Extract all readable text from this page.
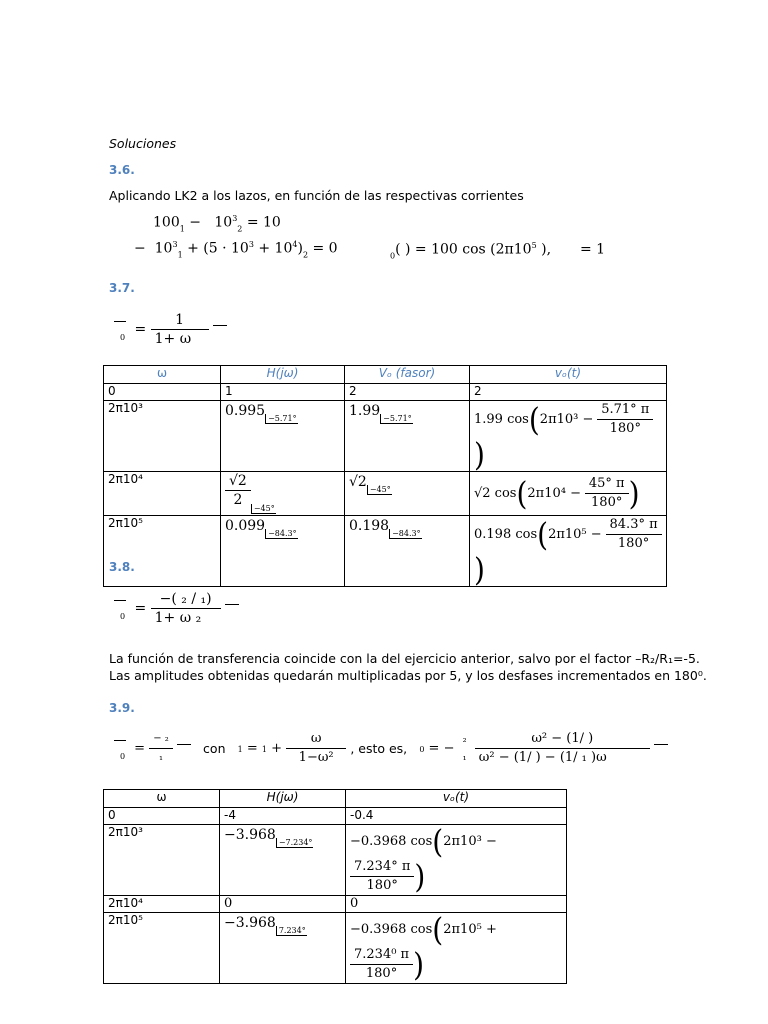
Soluciones
3.6.
Aplicando LK2 a los lazos, en función de las respectivas corrientes
$100_1 - 10^3_2 = 10$
−  $10^3_1 + (5 \cdot 10^3 + 10^4)_2 = 0$	$_0$( ) = 100 $\cos (2\pi 10^5$ ), = 1
3.7.
$0 = \frac{1}{1+ \omega}$

ω	H(jω)	Vₒ (fasor)	vₒ(t)
0	1	2	2
2π10³	0.995 −5.71°	1.99 −5.71°	1.99 $\cos(2\pi 10^3 - \frac{5.71^\circ \pi}{180^\circ}$
)
2π10⁴	$\frac{√2}{2} -45^\circ$	√2 −45°	√2 $\cos(2\pi 10^4 - \frac{45^\circ \pi}{180^\circ}$ )
2π10⁵	0.099 −84.3°	0.198 −84.3°	0.198 $\cos(2\pi 10^5 - \frac{84.3^\circ \pi}{180^\circ}$
)
3.8.
$0 = \frac{\text{−( ₂ / ₁)}}{\text{1+ ω ₂}}$

La función de transferencia coincide con la del ejercicio anterior, salvo por el factor –R₂/R₁=-5.
Las amplitudes obtenidas quedarán multiplicadas por 5, y los desfases incrementados en 180⁰.
3.9.
$0 = \frac{\text{− ₂}}{\text{₁}}$ con $1 = 1 + \frac{\omega}{\text{1−ω²}}$ , esto es, 0 = −
₂
₁
$\frac{\text{ω² − (1/ )}}{\text{ω² − (1/ ) − (1/ ₁ )ω}}$

ω	H(jω)	vₒ(t)
0	-4	-0.4
2π10³	−3.968 −7.234°	−0.3968 cos(2π10³ −
$\frac{7.234^\circ \pi}{180^\circ}$ )
2π10⁴	0	0
2π10⁵	−3.968 7.234°	−0.3968 cos(2π10⁵ +
$\frac{\text{7.234⁰ π}}{180^\circ}$ )
